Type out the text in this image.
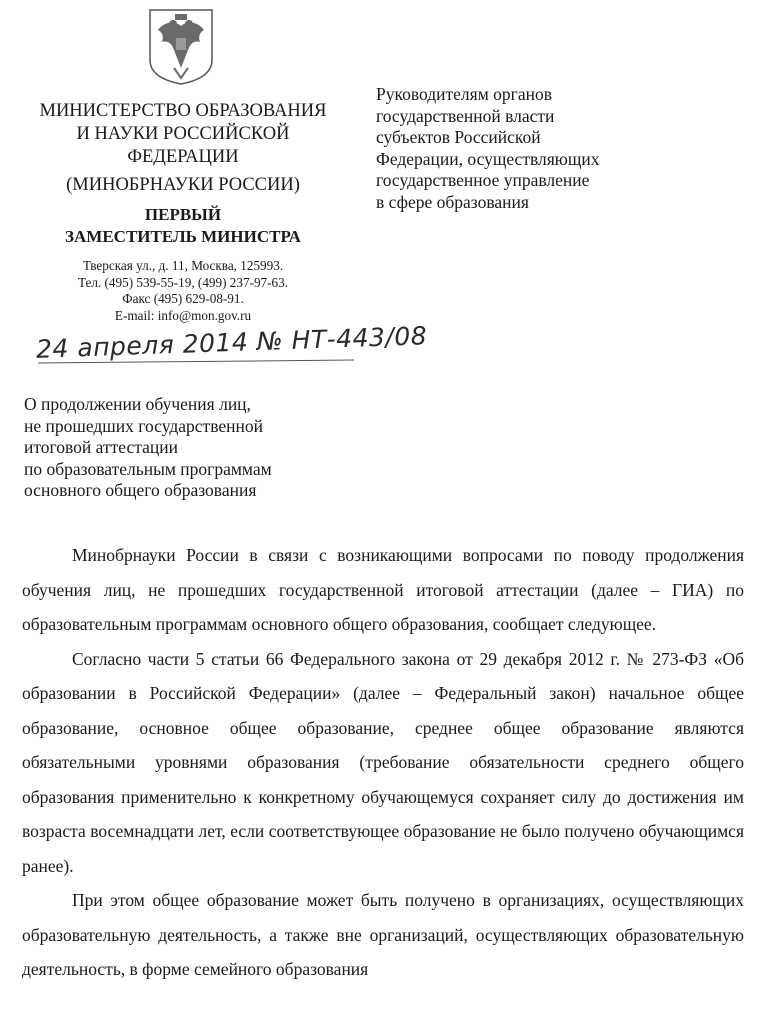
МИНИСТЕРСТВО ОБРАЗОВАНИЯ
И НАУКИ РОССИЙСКОЙ
ФЕДЕРАЦИИ
(МИНОБРНАУКИ РОССИИ)
ПЕРВЫЙ
ЗАМЕСТИТЕЛЬ МИНИСТРА
Тверская ул., д. 11, Москва, 125993.
Тел. (495) 539-55-19, (499) 237-97-63.
Факс (495) 629-08-91.
E-mail: info@mon.gov.ru
24 апреля 2014 № НТ-443/08
Руководителям органов
государственной власти
субъектов Российской
Федерации, осуществляющих
государственное управление
в сфере образования
О продолжении обучения лиц,
не прошедших государственной
итоговой аттестации
по образовательным программам
основного общего образования

Минобрнауки России в связи с возникающими вопросами по поводу продолжения обучения лиц, не прошедших государственной итоговой аттестации (далее – ГИА) по образовательным программам основного общего образования, сообщает следующее.

Согласно части 5 статьи 66 Федерального закона от 29 декабря 2012 г. № 273-ФЗ «Об образовании в Российской Федерации» (далее – Федеральный закон) начальное общее образование, основное общее образование, среднее общее образование являются обязательными уровнями образования (требование обязательности среднего общего образования применительно к конкретному обучающемуся сохраняет силу до достижения им возраста восемнадцати лет, если соответствующее образование не было получено обучающимся ранее).

При этом общее образование может быть получено в организациях, осуществляющих образовательную деятельность, а также вне организаций, осуществляющих образовательную деятельность, в форме семейного образования
